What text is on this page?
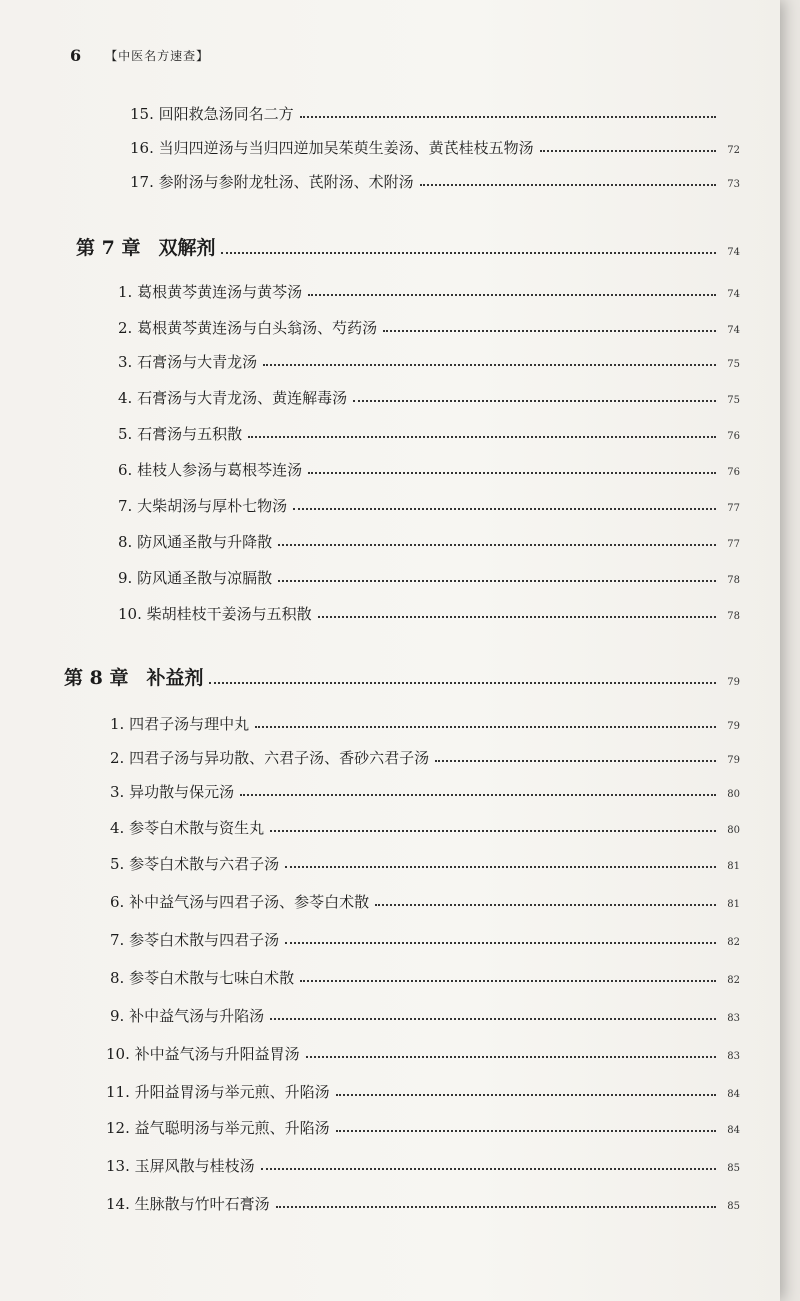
6 【中医名方速查】
15. 回阳救急汤同名二方
16. 当归四逆汤与当归四逆加吴茱萸生姜汤、黄芪桂枝五物汤	72
17. 参附汤与参附龙牡汤、芪附汤、术附汤	73
第 7 章 双解剂	74
1. 葛根黄芩黄连汤与黄芩汤	74
2. 葛根黄芩黄连汤与白头翁汤、芍药汤	74
3. 石膏汤与大青龙汤	75
4. 石膏汤与大青龙汤、黄连解毒汤	75
5. 石膏汤与五积散	76
6. 桂枝人参汤与葛根芩连汤	76
7. 大柴胡汤与厚朴七物汤	77
8. 防风通圣散与升降散	77
9. 防风通圣散与凉膈散	78
10. 柴胡桂枝干姜汤与五积散	78
第 8 章 补益剂	79
1. 四君子汤与理中丸	79
2. 四君子汤与异功散、六君子汤、香砂六君子汤	79
3. 异功散与保元汤	80
4. 参苓白术散与资生丸	80
5. 参苓白术散与六君子汤	81
6. 补中益气汤与四君子汤、参苓白术散	81
7. 参苓白术散与四君子汤	82
8. 参苓白术散与七味白术散	82
9. 补中益气汤与升陷汤	83
10. 补中益气汤与升阳益胃汤	83
11. 升阳益胃汤与举元煎、升陷汤	84
12. 益气聪明汤与举元煎、升陷汤	84
13. 玉屏风散与桂枝汤	85
14. 生脉散与竹叶石膏汤	85
